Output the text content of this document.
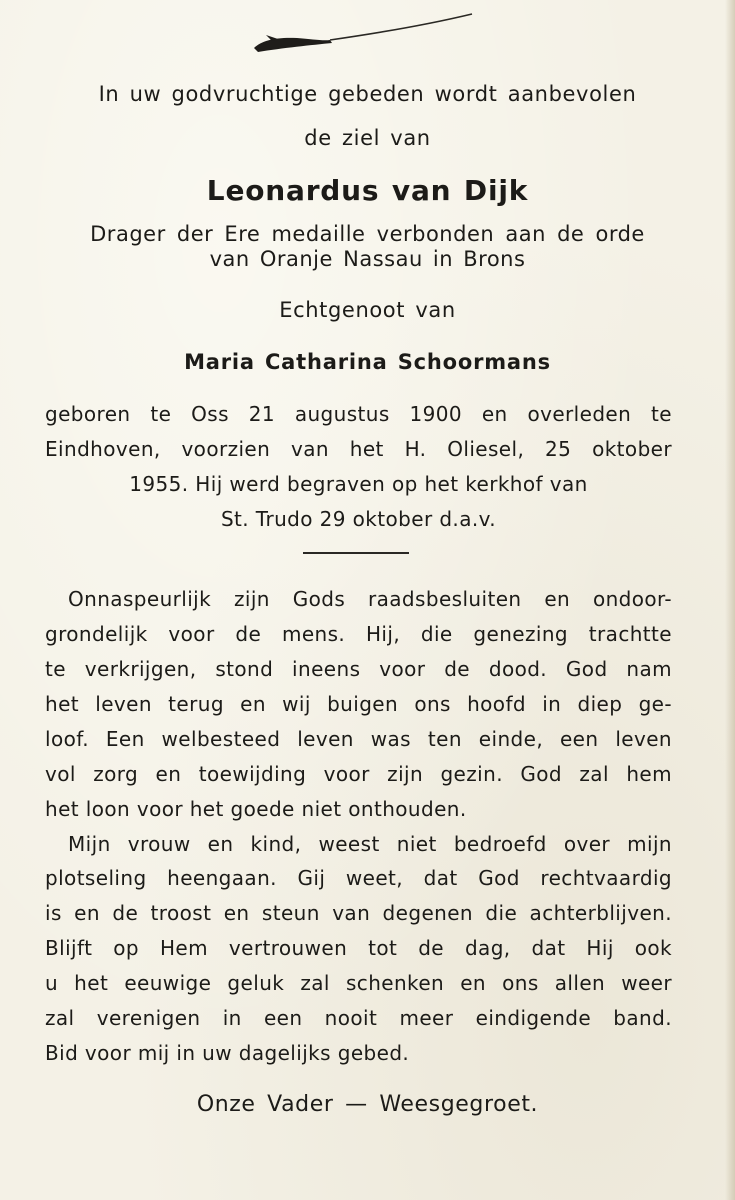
In uw godvruchtige gebeden wordt aanbevolen

de ziel van

Leonardus van Dijk

Drager der Ere medaille verbonden aan de orde

van Oranje Nassau in Brons

Echtgenoot van

Maria Catharina Schoormans

geboren te Oss 21 augustus 1900 en overleden te

Eindhoven, voorzien van het H. Oliesel, 25 oktober

1955. Hij werd begraven op het kerkhof van

St. Trudo 29 oktober d.a.v.

Onnaspeurlijk zijn Gods raadsbesluiten en ondoor-

grondelijk voor de mens. Hij, die genezing trachtte

te verkrijgen, stond ineens voor de dood. God nam

het leven terug en wij buigen ons hoofd in diep ge-

loof. Een welbesteed leven was ten einde, een leven

vol zorg en toewijding voor zijn gezin. God zal hem

het loon voor het goede niet onthouden.

Mijn vrouw en kind, weest niet bedroefd over mijn

plotseling heengaan. Gij weet, dat God rechtvaardig

is en de troost en steun van degenen die achterblijven.

Blijft op Hem vertrouwen tot de dag, dat Hij ook

u het eeuwige geluk zal schenken en ons allen weer

zal verenigen in een nooit meer eindigende band.

Bid voor mij in uw dagelijks gebed.

Onze Vader — Weesgegroet.
